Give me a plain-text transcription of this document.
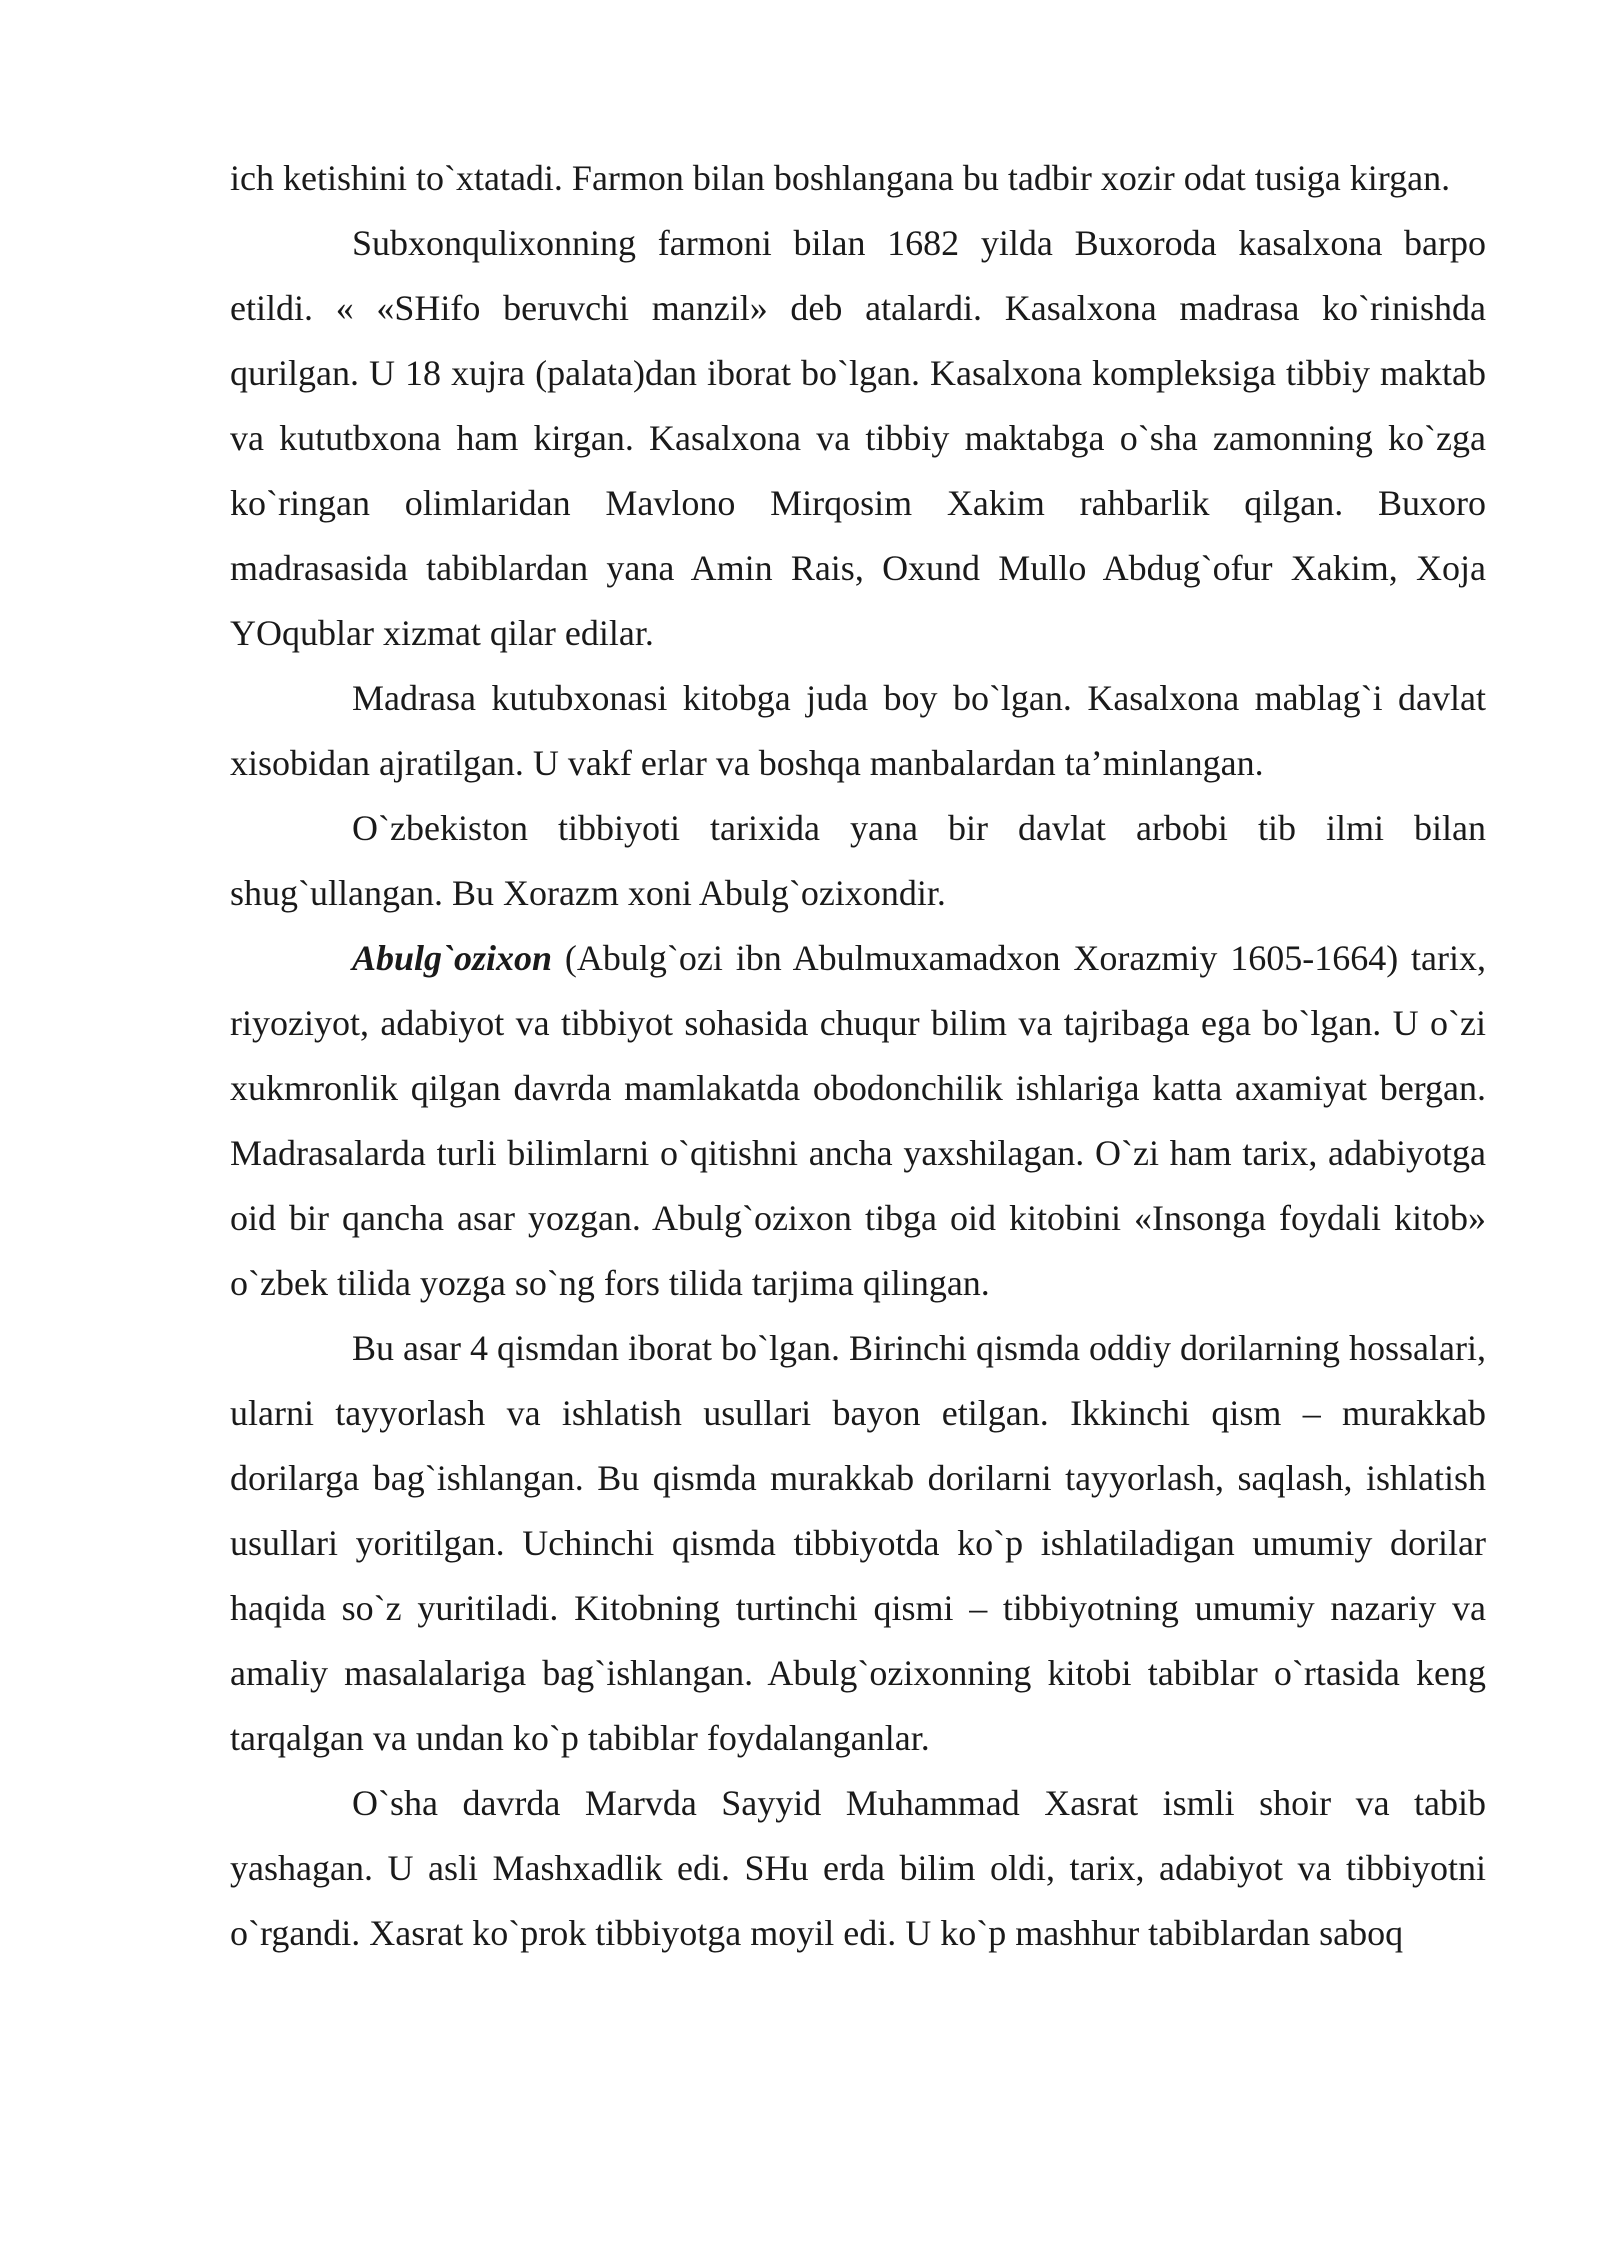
ich ketishini to`xtatadi. Farmon bilan boshlangana bu tadbir xozir odat tusiga kirgan.

Subxonqulixonning farmoni bilan 1682 yilda Buxoroda kasalxona barpo etildi. « «SHifo beruvchi manzil» deb atalardi. Kasalxona madrasa ko`rinishda qurilgan. U 18 xujra (palata)dan iborat bo`lgan. Kasalxona kompleksiga tibbiy maktab va kututbxona ham kirgan. Kasalxona va tibbiy maktabga o`sha zamonning ko`zga ko`ringan olimlaridan Mavlono Mirqosim Xakim rahbarlik qilgan. Buxoro madrasasida tabiblardan yana Amin Rais, Oxund Mullo Abdug`ofur Xakim, Xoja YOqublar xizmat qilar edilar.

Madrasa kutubxonasi kitobga juda boy bo`lgan. Kasalxona mablag`i davlat xisobidan ajratilgan. U vakf erlar va boshqa manbalardan ta’minlangan.

O`zbekiston tibbiyoti tarixida yana bir davlat arbobi tib ilmi bilan shug`ullangan. Bu Xorazm xoni Abulg`ozixondir.

Abulg`ozixon (Abulg`ozi ibn Abulmuxamadxon Xorazmiy 1605-1664) tarix, riyoziyot, adabiyot va tibbiyot sohasida chuqur bilim va tajribaga ega bo`lgan. U o`zi xukmronlik qilgan davrda mamlakatda obodonchilik ishlariga katta axamiyat bergan. Madrasalarda turli bilimlarni o`qitishni ancha yaxshilagan. O`zi ham tarix, adabiyotga oid bir qancha asar yozgan. Abulg`ozixon tibga oid kitobini «Insonga foydali kitob» o`zbek tilida yozga so`ng fors tilida tarjima qilingan.

Bu asar 4 qismdan iborat bo`lgan. Birinchi qismda oddiy dorilarning hossalari, ularni tayyorlash va ishlatish usullari bayon etilgan. Ikkinchi qism – murakkab dorilarga bag`ishlangan. Bu qismda murakkab dorilarni tayyorlash, saqlash, ishlatish usullari yoritilgan. Uchinchi qismda tibbiyotda ko`p ishlatiladigan umumiy dorilar haqida so`z yuritiladi. Kitobning turtinchi qismi – tibbiyotning umumiy nazariy va amaliy masalalariga bag`ishlangan. Abulg`ozixonning kitobi tabiblar o`rtasida keng tarqalgan va undan ko`p tabiblar foydalanganlar.

O`sha davrda Marvda Sayyid Muhammad Xasrat ismli shoir va tabib yashagan. U asli Mashxadlik edi. SHu erda bilim oldi, tarix, adabiyot va tibbiyotni o`rgandi. Xasrat ko`prok tibbiyotga moyil edi. U ko`p mashhur tabiblardan saboq
